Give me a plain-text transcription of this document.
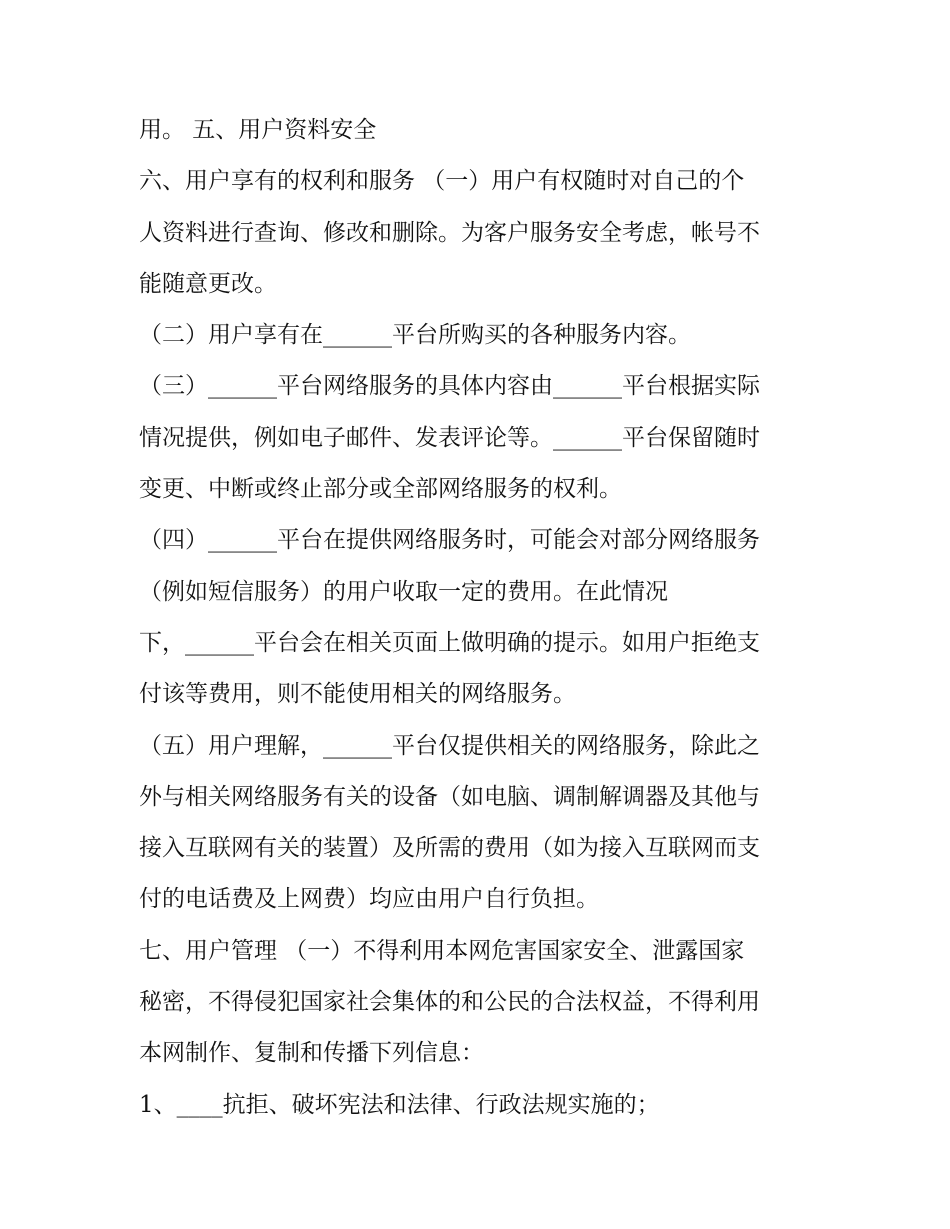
用。 五、用户资料安全

六、用户享有的权利和服务 （一）用户有权随时对自己的个

人资料进行查询、修改和删除。为客户服务安全考虑，帐号不

能随意更改。

（二）用户享有在______平台所购买的各种服务内容。

（三）______平台网络服务的具体内容由______平台根据实际

情况提供，例如电子邮件、发表评论等。______平台保留随时

变更、中断或终止部分或全部网络服务的权利。

（四）______平台在提供网络服务时，可能会对部分网络服务

（例如短信服务）的用户收取一定的费用。在此情况

下，______平台会在相关页面上做明确的提示。如用户拒绝支

付该等费用，则不能使用相关的网络服务。

（五）用户理解，______平台仅提供相关的网络服务，除此之

外与相关网络服务有关的设备（如电脑、调制解调器及其他与

接入互联网有关的装置）及所需的费用（如为接入互联网而支

付的电话费及上网费）均应由用户自行负担。

七、用户管理 （一）不得利用本网危害国家安全、泄露国家

秘密，不得侵犯国家社会集体的和公民的合法权益，不得利用

本网制作、复制和传播下列信息：

1、____抗拒、破坏宪法和法律、行政法规实施的；
